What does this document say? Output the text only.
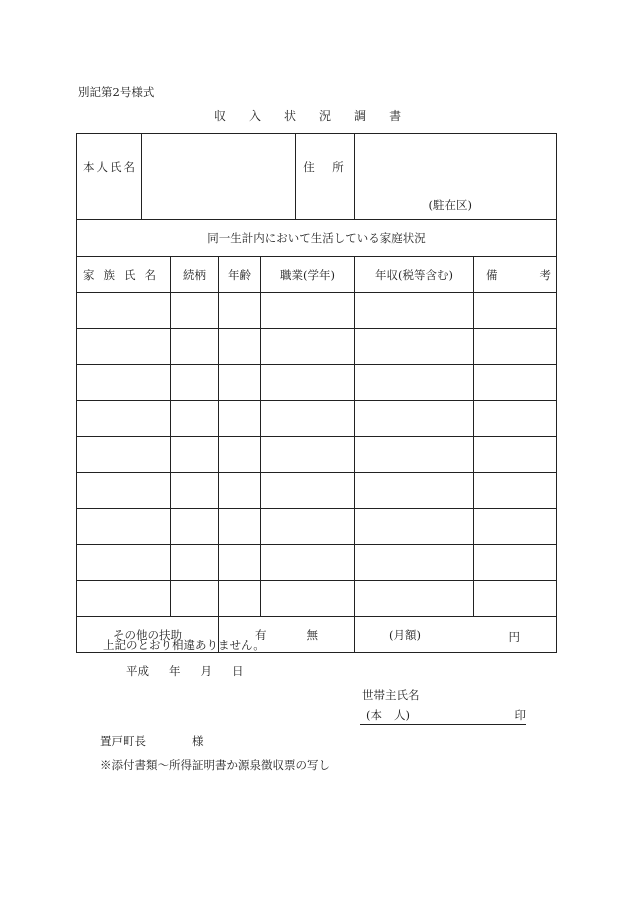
別記第2号様式
収 入 状 況 調 書
本人氏名					住　所	(駐在区)	

同一生計内において生活している家庭状況							
家 族 氏 名		続柄	年齢	職業(学年)		年収(税等含む)	備 考

その他の扶助			有 無			(月額) 円	
上記のとおり相違ありません。
平成 年 月 日
世帯主氏名
(本 人)	印
置戸町長	様
※添付書類～所得証明書か源泉徴収票の写し
